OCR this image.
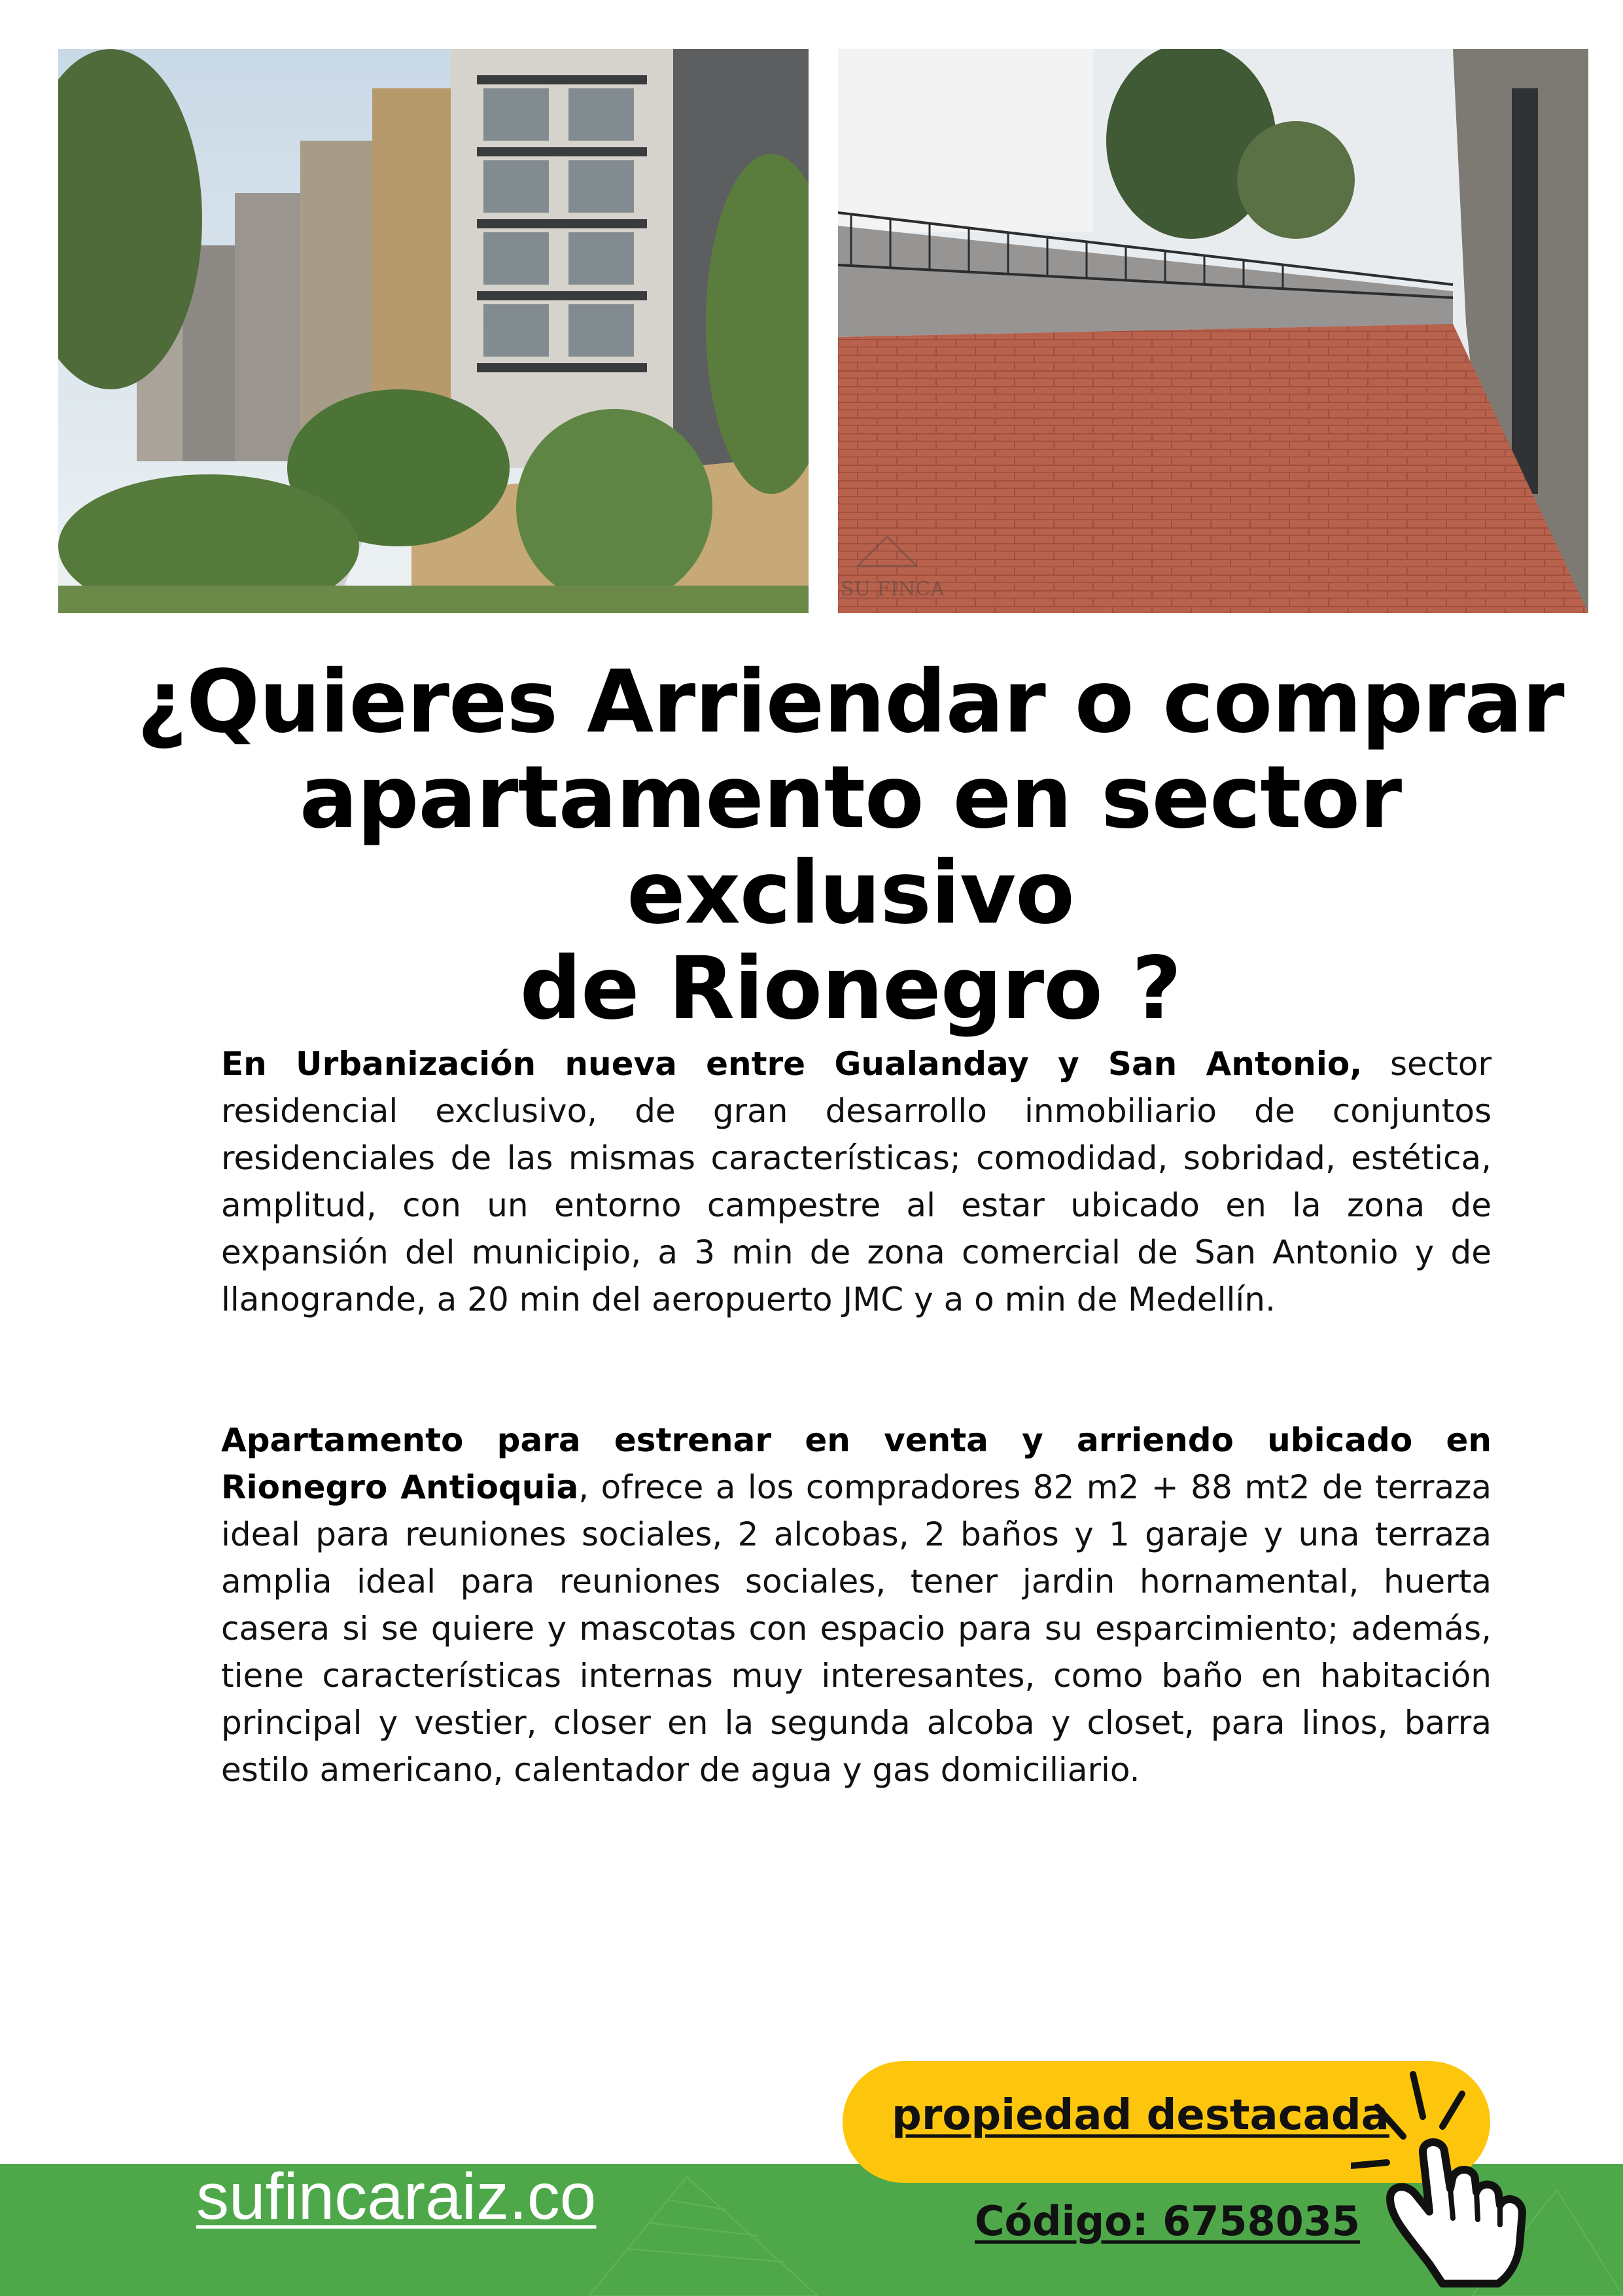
SU FINCA
¿Quieres Arriendar o comprar
apartamento en sector exclusivo
de Rionegro ?

En Urbanización nueva entre Gualanday y San Antonio, sector residencial exclusivo, de gran desarrollo inmobiliario de conjuntos residenciales de las mismas características; comodidad, sobridad, estética, amplitud, con un entorno campestre al estar ubicado en la zona de expansión del municipio, a 3 min de zona comercial de San Antonio y de llanogrande, a 20 min del aeropuerto JMC y a o min de Medellín.

Apartamento para estrenar en venta y arriendo ubicado en Rionegro Antioquia, ofrece a los compradores 82 m2 + 88 mt2 de terraza ideal para reuniones sociales, 2 alcobas, 2 baños y 1 garaje y una terraza amplia ideal para reuniones sociales, tener jardin hornamental, huerta casera si se quiere y mascotas con espacio para su esparcimiento; además, tiene características internas muy interesantes, como baño en habitación principal y vestier, closer en la segunda alcoba y closet, para linos, barra estilo americano, calentador de agua y gas domiciliario.

sufincaraiz.co
propiedad destacada
Código: 6758035
